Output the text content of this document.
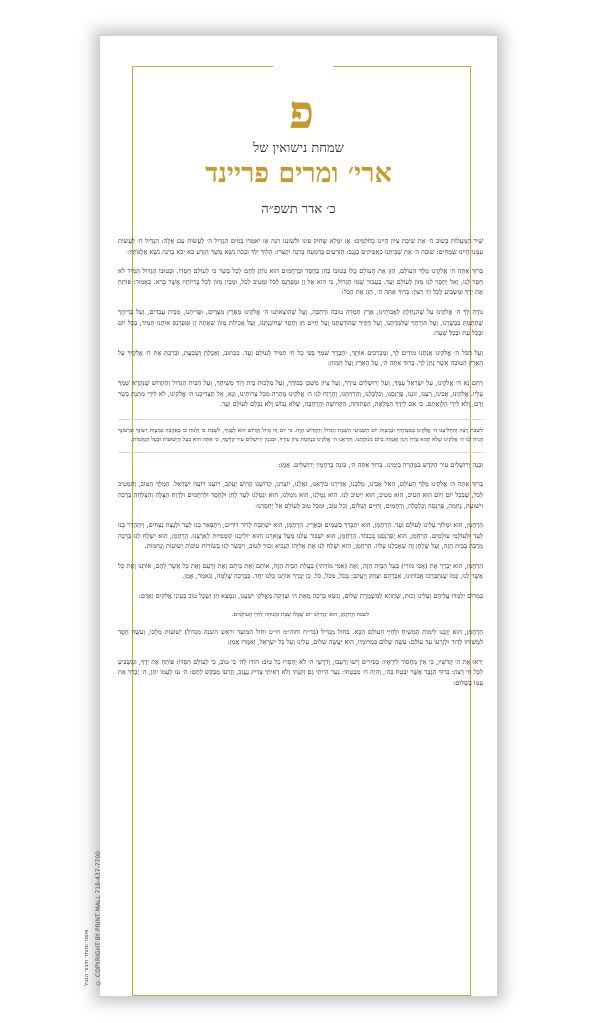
פ
שמחת נישואין של
ארי׳ ומרים פריינד
כ׳ אדר תשפ״ה

שִׁיר הַמַּעֲלוֹת בְּשׁוּב ה׳ אֶת שִׁיבַת צִיּוֹן הָיִינוּ כְּחֹלְמִים: אָז יִמָּלֵא שְׂחוֹק פִּינוּ וּלְשׁוֹנֵנוּ רִנָּה אָז יֹאמְרוּ בַגּוֹיִם הִגְדִּיל ה׳ לַעֲשׂוֹת עִם אֵלֶּה: הִגְדִּיל ה׳ לַעֲשׂוֹת עִמָּנוּ הָיִינוּ שְׂמֵחִים: שׁוּבָה ה׳ אֶת שְׁבִיתֵנוּ כַּאֲפִיקִים בַּנֶּגֶב: הַזֹּרְעִים בְּדִמְעָה בְּרִנָּה יִקְצֹרוּ: הָלוֹךְ יֵלֵךְ וּבָכֹה נֹשֵׂא מֶשֶׁךְ הַזָּרַע בֹּא יָבֹא בְרִנָּה נֹשֵׂא אֲלֻמֹּתָיו:

בָּרוּךְ אַתָּה ה׳ אֱלֹקֵינוּ מֶלֶךְ הָעוֹלָם, הַזָּן אֶת הָעוֹלָם כֻּלּוֹ בְּטוּבוֹ בְּחֵן בְּחֶסֶד וּבְרַחֲמִים הוּא נוֹתֵן לֶחֶם לְכָל בָּשָׂר כִּי לְעוֹלָם חַסְדּוֹ. וּבְטוּבוֹ הַגָּדוֹל תָּמִיד לֹא חָסַר לָנוּ, וְאַל יֶחְסַר לָנוּ מָזוֹן לְעוֹלָם וָעֶד. בַּעֲבוּר שְׁמוֹ הַגָּדוֹל, כִּי הוּא אֵל זָן וּמְפַרְנֵס לַכֹּל וּמֵטִיב לַכֹּל, וּמֵכִין מָזוֹן לְכָל בְּרִיּוֹתָיו אֲשֶׁר בָּרָא. כָּאָמוּר: פּוֹתֵחַ אֶת יָדֶךָ וּמַשְׂבִּיעַ לְכָל חַי רָצוֹן: בָּרוּךְ אַתָּה ה׳, הַזָּן אֶת הַכֹּל:

נוֹדֶה לְּךָ ה׳ אֱלֹקֵינוּ עַל שֶׁהִנְחַלְתָּ לַאֲבוֹתֵינוּ, אֶרֶץ חֶמְדָּה טוֹבָה וּרְחָבָה, וְעַל שֶׁהוֹצֵאתָנוּ ה׳ אֱלֹקֵינוּ מֵאֶרֶץ מִצְרַיִם, וּפְדִיתָנוּ, מִבֵּית עֲבָדִים, וְעַל בְּרִיתְךָ שֶׁחָתַמְתָּ בִּבְשָׂרֵנוּ, וְעַל תּוֹרָתְךָ שֶׁלִּמַּדְתָּנוּ, וְעַל חֻקֶּיךָ שֶׁהוֹדַעְתָּנוּ וְעַל חַיִּים חֵן וָחֶסֶד שֶׁחוֹנַנְתָּנוּ, וְעַל אֲכִילַת מָזוֹן שָׁאַתָּה זָן וּמְפַרְנֵס אוֹתָנוּ תָּמִיד, בְּכָל יוֹם וּבְכָל עֵת וּבְכָל שָׁעָה:

וְעַל הַכֹּל ה׳ אֱלֹקֵינוּ אֲנַחְנוּ מוֹדִים לָךְ, וּמְבָרְכִים אוֹתָךְ, יִתְבָּרַךְ שִׁמְךָ בְּפִי כָּל חַי תָּמִיד לְעוֹלָם וָעֶד. כַּכָּתוּב, וְאָכַלְתָּ וְשָׂבָעְתָּ, וּבֵרַכְתָּ אֶת ה׳ אֱלֹקֶיךָ עַל הָאָרֶץ הַטּוֹבָה אֲשֶׁר נָתַן לָךְ. בָּרוּךְ אַתָּה ה׳, עַל הָאָרֶץ וְעַל הַמָּזוֹן:

רַחֵם נָא ה׳ אֱלֹקֵינוּ, עַל יִשְׂרָאֵל עַמֶּךָ, וְעַל יְרוּשָׁלַיִם עִירֶךָ, וְעַל צִיּוֹן מִשְׁכַּן כְּבוֹדֶךָ, וְעַל מַלְכוּת בֵּית דָּוִד מְשִׁיחֶךָ, וְעַל הַבַּיִת הַגָּדוֹל וְהַקָּדוֹשׁ שֶׁנִּקְרָא שִׁמְךָ עָלָיו. אֱלֹקֵינוּ, אָבִינוּ, רְעֵנוּ, זוּנֵנוּ, פַּרְנְסֵנוּ, וְכַלְכְּלֵנוּ, וְהַרְוִיחֵנוּ, וְהַרְוַח לָנוּ ה׳ אֱלֹקֵינוּ מְהֵרָה מִכָּל צָרוֹתֵינוּ, וְנָא, אַל תַּצְרִיכֵנוּ ה׳ אֱלֹקֵינוּ, לֹא לִידֵי מַתְּנַת בָּשָׂר וָדָם, וְלֹא לִידֵי הַלְוָאָתָם. כִּי אִם לְיָדְךָ הַמְּלֵאָה, הַפְּתוּחָה, הַקְּדוֹשָׁה וְהָרְחָבָה, שֶׁלֹּא נֵבוֹשׁ וְלֹא נִכָּלֵם לְעוֹלָם וָעֶד.

לשבת רְצֵה וְהַחֲלִיצֵנוּ ה׳ אֱלֹקֵינוּ בְּמִצְוֹתֶיךָ וּבְמִצְוַת יוֹם הַשְּׁבִיעִי הַשַּׁבָּת הַגָּדוֹל וְהַקָּדוֹשׁ הַזֶּה. כִּי יוֹם זֶה גָּדוֹל וְקָדוֹשׁ הוּא לְפָנֶיךָ, לִשְׁבָּת בּוֹ וְלָנוּחַ בּוֹ בְּאַהֲבָה כְּמִצְוַת רְצוֹנֶךָ וּבִרְצוֹנְךָ הָנִיחַ לָנוּ ה׳ אֱלֹקֵינוּ שֶׁלֹּא תְהֵא צָרָה וְיָגוֹן וַאֲנָחָה בְּיוֹם מְנוּחָתֵנוּ. וְהַרְאֵנוּ ה׳ אֱלֹקֵינוּ בְּנֶחָמַת צִיּוֹן עִירֶךָ, וּבְבִנְיַן יְרוּשָׁלַיִם עִיר קָדְשֶׁךָ, כִּי אַתָּה הוּא בַּעַל הַיְשׁוּעוֹת וּבַעַל הַנֶּחָמוֹת.

וּבְנֵה יְרוּשָׁלַיִם עִיר הַקֹּדֶשׁ בִּמְהֵרָה בְיָמֵינוּ. בָּרוּךְ אַתָּה ה׳, בּוֹנֵה בְרַחֲמָיו יְרוּשָׁלָיִם. אָמֵן:

בָּרוּךְ אַתָּה ה׳ אֱלֹקֵינוּ מֶלֶךְ הָעוֹלָם, הָאֵל אָבִינוּ, מַלְכֵּנוּ, אַדִּירֵנוּ בּוֹרְאֵנוּ, גֹּאֲלֵנוּ, יוֹצְרֵנוּ, קְדוֹשֵׁנוּ קְדוֹשׁ יַעֲקֹב, רוֹעֵנוּ רוֹעֵה יִשְׂרָאֵל. הַמֶּלֶךְ הַטּוֹב, וְהַמֵּטִיב לַכֹּל, שֶׁבְּכָל יוֹם וָיוֹם הוּא הֵטִיב, הוּא מֵטִיב, הוּא יֵיטִיב לָנוּ. הוּא גְמָלָנוּ, הוּא גוֹמְלֵנוּ, הוּא יִגְמְלֵנוּ לָעַד לְחֵן וּלְחֶסֶד וּלְרַחֲמִים וּלְרֶוַח הַצָּלָה וְהַצְלָחָה בְּרָכָה וִישׁוּעָה, נֶחָמָה, פַּרְנָסָה וְכַלְכָּלָה, וְרַחֲמִים, וְחַיִּים וְשָׁלוֹם, וְכָל טוֹב, וּמִכָּל טוּב לְעוֹלָם אַל יְחַסְּרֵנוּ:

הָרַחֲמָן, הוּא יִמְלוֹךְ עָלֵינוּ לְעוֹלָם וָעֶד. הָרַחֲמָן, הוּא יִתְבָּרַךְ בַּשָּׁמַיִם וּבָאָרֶץ. הָרַחֲמָן, הוּא יִשְׁתַּבַּח לְדוֹר דּוֹרִים, וְיִתְפָּאַר בָּנוּ לָעַד וּלְנֵצַח נְצָחִים, וְיִתְהַדַּר בָּנוּ לָעַד וּלְעוֹלְמֵי עוֹלָמִים. הָרַחֲמָן, הוּא יְפַרְנְסֵנוּ בְּכָבוֹד. הָרַחֲמָן, הוּא יִשְׁבּוֹר עֻלֵּנוּ מֵעַל צַוָּארֵנוּ וְהוּא יוֹלִיכֵנוּ קוֹמְמִיּוּת לְאַרְצֵנוּ. הָרַחֲמָן, הוּא יִשְׁלַח לָנוּ בְּרָכָה מְרֻבָּה בְּבַיִת הַזֶּה, וְעַל שֻׁלְחָן זֶה שֶׁאָכַלְנוּ עָלָיו. הָרַחֲמָן, הוּא יִשְׁלַח לָנוּ אֶת אֵלִיָּהוּ הַנָּבִיא זָכוּר לַטּוֹב, וִיבַשֶּׂר לָנוּ בְּשׂוֹרוֹת טוֹבוֹת יְשׁוּעוֹת וְנֶחָמוֹת.

הָרַחֲמָן, הוּא יְבָרֵךְ אֶת (אָבִי מוֹרִי) בַּעַל הַבַּיִת הַזֶּה, וְאֶת (אִמִּי מוֹרָתִי) בַּעֲלַת הַבַּיִת הַזֶּה, אוֹתָם וְאֶת בֵּיתָם וְאֶת זַרְעָם וְאֶת כָּל אֲשֶׁר לָהֶם, אוֹתָנוּ וְאֶת כָּל אֲשֶׁר לָנוּ, כְּמוֹ שֶׁנִּתְבָּרְכוּ אֲבוֹתֵינוּ, אַבְרָהָם יִצְחָק וְיַעֲקֹב: בַּכֹּל, מִכֹּל, כֹּל. כֵּן יְבָרֵךְ אוֹתָנוּ כֻּלָּנוּ יַחַד. בִּבְרָכָה שְׁלֵמָה, וְנֹאמַר, אָמֵן.

בַּמָּרוֹם יְלַמְּדוּ עֲלֵיהֶם וְעָלֵינוּ זְכוּת, שֶׁתְּהֵא לְמִשְׁמֶרֶת שָׁלוֹם, וְנִשָּׂא בְרָכָה מֵאֵת ה׳ וּצְדָקָה מֵאֱלֹקֵי יִשְׁעֵנוּ, וְנִמְצָא חֵן וְשֵׂכֶל טוֹב בְּעֵינֵי אֱלֹקִים וְאָדָם:

לשבת הָרַחֲמָן, הוּא יַנְחִילֵנוּ יוֹם שֶׁכֻּלּוֹ שַׁבָּת וּמְנוּחָה לְחַיֵּי הָעוֹלָמִים.

הָרַחֲמָן, הוּא יְזַכֵּנוּ לִימוֹת הַמָּשִׁיחַ וּלְחַיֵּי הָעוֹלָם הַבָּא. בחול מַגְדִּיל (בר״ח וחוה״מ ויו״ט וחול המועד וראש השנה מִגְדּוֹל) יְשׁוּעוֹת מַלְכּוֹ, וְעֹשֶׂה חֶסֶד לִמְשִׁיחוֹ לְדָוִד וּלְזַרְעוֹ עַד עוֹלָם: עֹשֶׂה שָׁלוֹם בִּמְרוֹמָיו, הוּא יַעֲשֶׂה שָׁלוֹם, עָלֵינוּ וְעַל כָּל יִשְׂרָאֵל, וְאִמְרוּ אָמֵן:

יְראוּ אֶת ה׳ קְדֹשָׁיו, כִּי אֵין מַחְסוֹר לִירֵאָיו: כְּפִירִים רָשׁוּ וְרָעֵבוּ, וְדֹרְשֵׁי ה׳ לֹא יַחְסְרוּ כָל טוֹב: הוֹדוּ לַה׳ כִּי טוֹב, כִּי לְעוֹלָם חַסְדּוֹ: פּוֹתֵחַ אֶת יָדֶךָ, וּמַשְׂבִּיעַ לְכָל חַי רָצוֹן: בָּרוּךְ הַגֶּבֶר אֲשֶׁר יִבְטַח בַּה׳, וְהָיָה ה׳ מִבְטַחוֹ: נַעַר הָיִיתִי גַּם זָקַנְתִּי וְלֹא רָאִיתִי צַדִּיק נֶעֱזָב, וְזַרְעוֹ מְבַקֶּשׁ לָחֶם: ה׳ עֹז לְעַמּוֹ יִתֵּן, ה׳ יְבָרֵךְ אֶת עַמּוֹ בַשָּׁלוֹם:

איסור ומותר חיבור הגבל © COPYRIGHT BY PRINT MALL 718-437-7700
